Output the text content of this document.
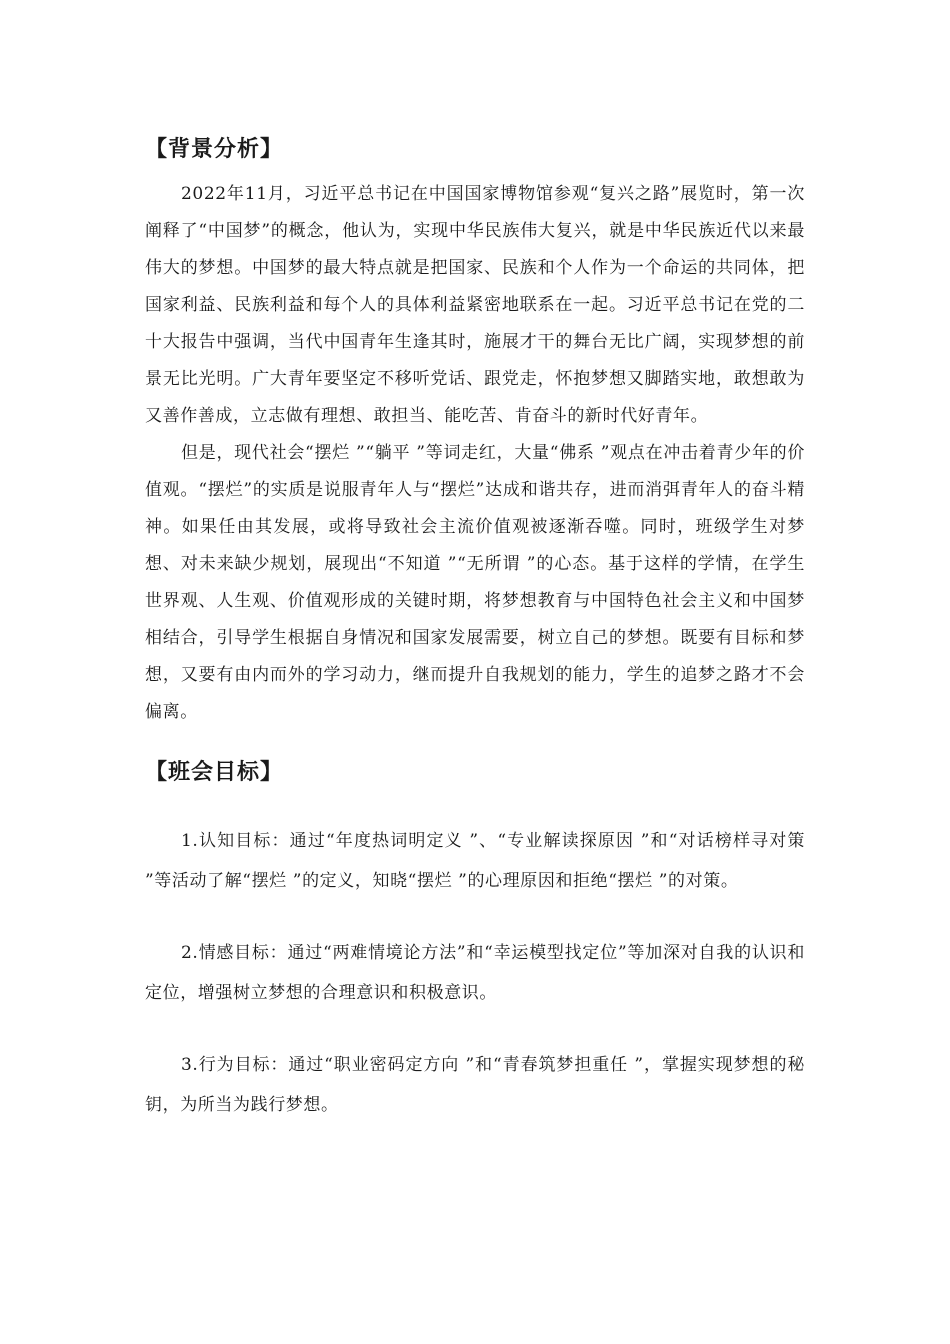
【背景分析】

2022年11月，习近平总书记在中国国家博物馆参观“复兴之路”展览时，第一次阐释了“中国梦”的概念，他认为，实现中华民族伟大复兴，就是中华民族近代以来最伟大的梦想。中国梦的最大特点就是把国家、民族和个人作为一个命运的共同体，把国家利益、民族利益和每个人的具体利益紧密地联系在一起。习近平总书记在党的二十大报告中强调，当代中国青年生逢其时，施展才干的舞台无比广阔，实现梦想的前景无比光明。广大青年要坚定不移听党话、跟党走，怀抱梦想又脚踏实地，敢想敢为又善作善成，立志做有理想、敢担当、能吃苦、肯奋斗的新时代好青年。

但是，现代社会“摆烂 ”“躺平 ”等词走红，大量“佛系 ”观点在冲击着青少年的价值观。“摆烂”的实质是说服青年人与“摆烂”达成和谐共存，进而消弭青年人的奋斗精神。如果任由其发展，或将导致社会主流价值观被逐渐吞噬。同时，班级学生对梦想、对未来缺少规划，展现出“不知道 ”“无所谓 ”的心态。基于这样的学情，在学生世界观、人生观、价值观形成的关键时期，将梦想教育与中国特色社会主义和中国梦相结合，引导学生根据自身情况和国家发展需要，树立自己的梦想。既要有目标和梦想，又要有由内而外的学习动力，继而提升自我规划的能力，学生的追梦之路才不会偏离。

【班会目标】

1.认知目标：通过“年度热词明定义 ”、“专业解读探原因 ”和“对话榜样寻对策 ”等活动了解“摆烂 ”的定义，知晓“摆烂 ”的心理原因和拒绝“摆烂 ”的对策。

2.情感目标：通过“两难情境论方法”和“幸运模型找定位”等加深对自我的认识和定位，增强树立梦想的合理意识和积极意识。

3.行为目标：通过“职业密码定方向 ”和“青春筑梦担重任 ”，掌握实现梦想的秘钥，为所当为践行梦想。
